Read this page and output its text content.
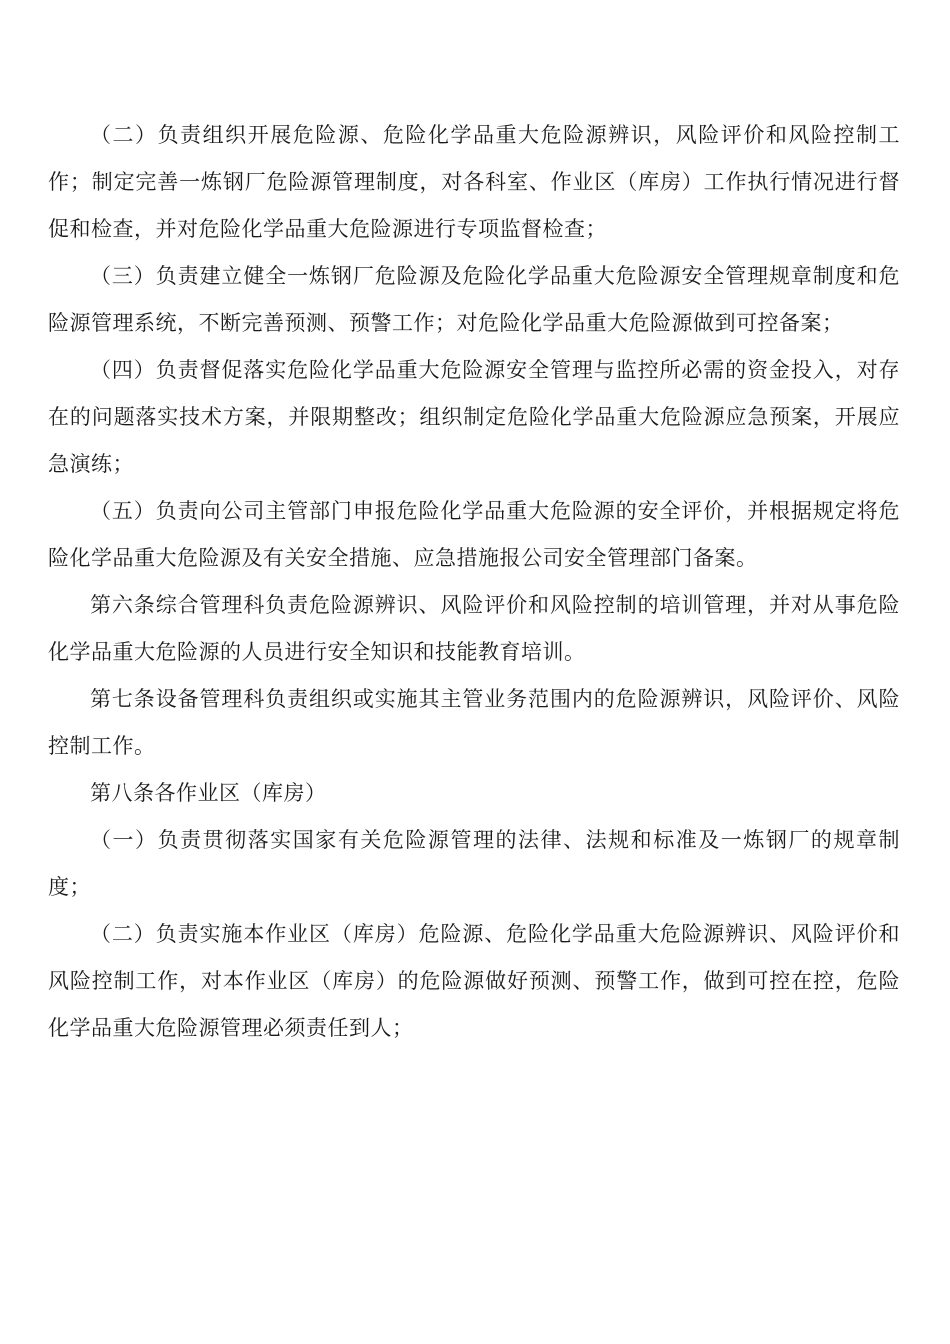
（二）负责组织开展危险源、危险化学品重大危险源辨识，风险评价和风险控制工作；制定完善一炼钢厂危险源管理制度，对各科室、作业区（库房）工作执行情况进行督促和检查，并对危险化学品重大危险源进行专项监督检查；

（三）负责建立健全一炼钢厂危险源及危险化学品重大危险源安全管理规章制度和危险源管理系统，不断完善预测、预警工作；对危险化学品重大危险源做到可控备案；

（四）负责督促落实危险化学品重大危险源安全管理与监控所必需的资金投入，对存在的问题落实技术方案，并限期整改；组织制定危险化学品重大危险源应急预案，开展应急演练；

（五）负责向公司主管部门申报危险化学品重大危险源的安全评价，并根据规定将危险化学品重大危险源及有关安全措施、应急措施报公司安全管理部门备案。

第六条综合管理科负责危险源辨识、风险评价和风险控制的培训管理，并对从事危险化学品重大危险源的人员进行安全知识和技能教育培训。

第七条设备管理科负责组织或实施其主管业务范围内的危险源辨识，风险评价、风险控制工作。

第八条各作业区（库房）

（一）负责贯彻落实国家有关危险源管理的法律、法规和标准及一炼钢厂的规章制度；

（二）负责实施本作业区（库房）危险源、危险化学品重大危险源辨识、风险评价和风险控制工作，对本作业区（库房）的危险源做好预测、预警工作，做到可控在控，危险化学品重大危险源管理必须责任到人；
